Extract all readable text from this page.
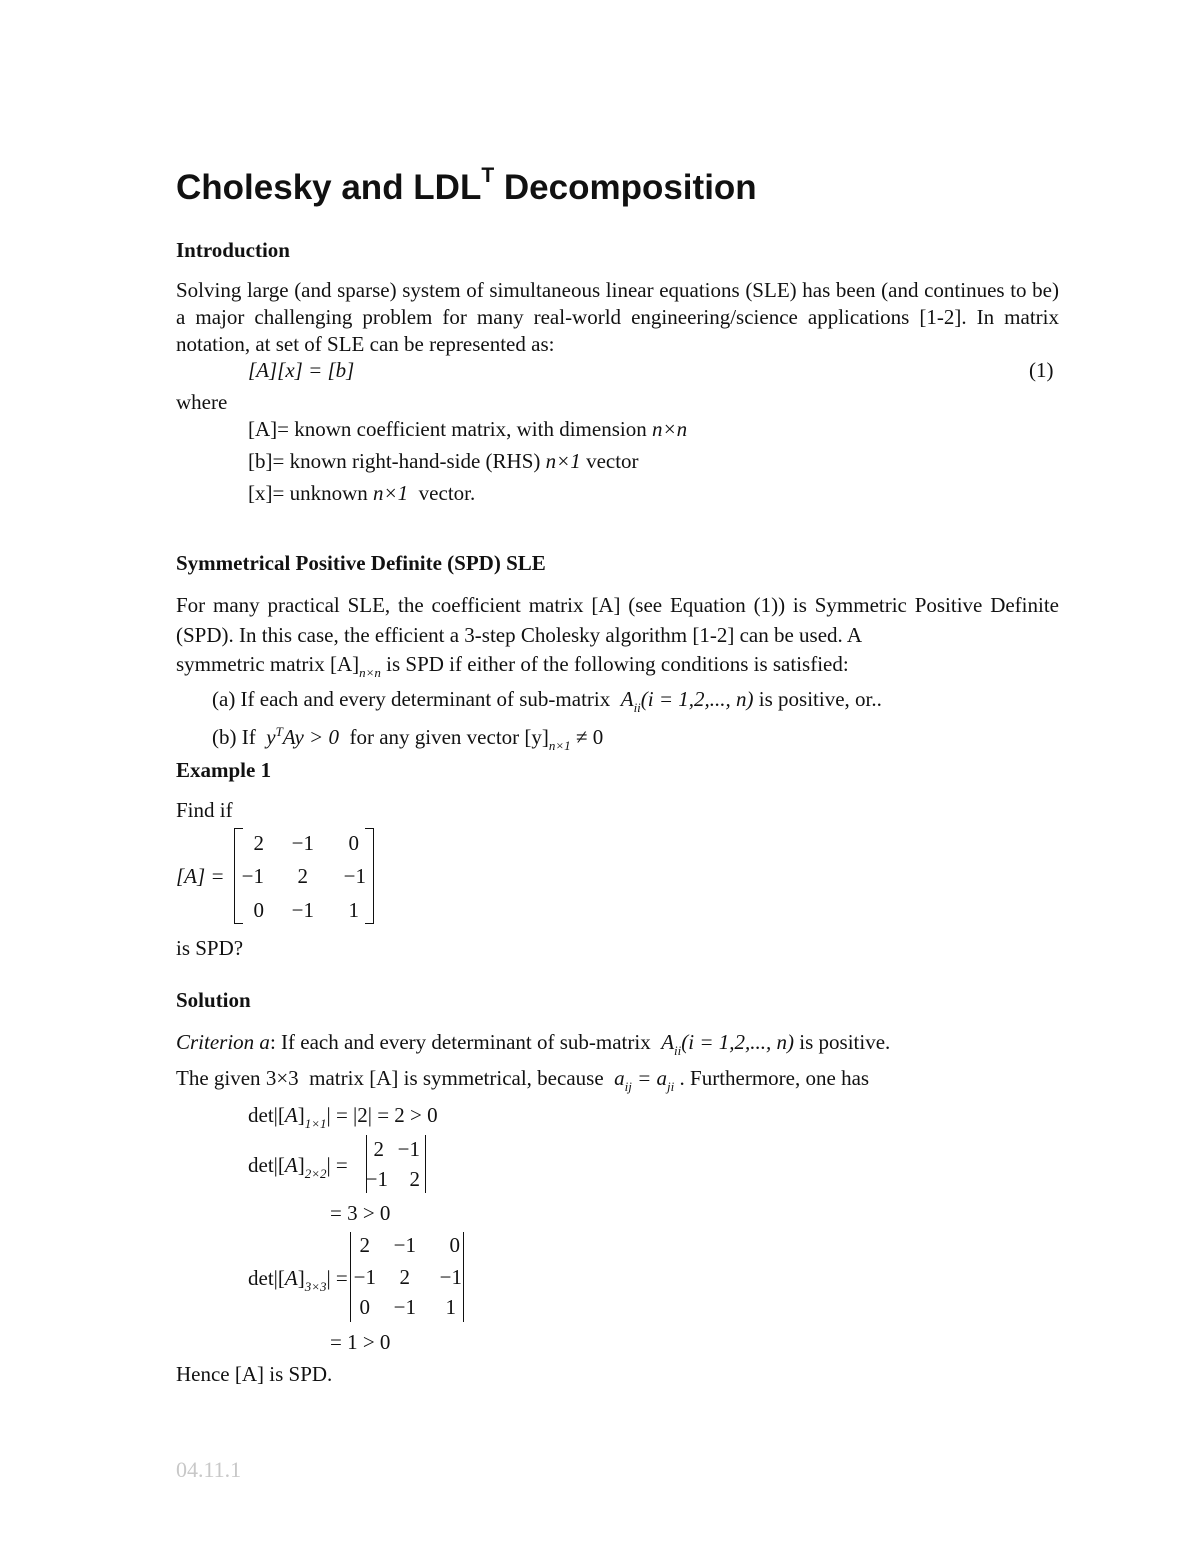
Cholesky and $LDL^T$ Decomposition
Introduction
Solving large (and sparse) system of simultaneous linear equations (SLE) has been (and continues to be) a major challenging problem for many real-world engineering/science applications [1-2]. In matrix notation, at set of SLE can be represented as:
[A][x] = [b]	(1)
where
[A]= known coefficient matrix, with dimension n×n
[b]= known right-hand-side (RHS) n×1 vector
[x]= unknown n×1 vector.
Symmetrical Positive Definite (SPD) SLE
For many practical SLE, the coefficient matrix [A] (see Equation (1)) is Symmetric Positive Definite (SPD). In this case, the efficient a 3-step Cholesky algorithm [1-2] can be used. A
symmetric matrix $[A]_{n\times n}$ is SPD if either of the following conditions is satisfied:
(a) If each and every determinant of sub-matrix $A_{ii}(i = 1,2$,..., n) is positive, or..
(b) If $y^TAy > 0$ for any given vector $[y]_{n\times 1} \ne 0$
Example 1
Find if
[A] =
2	−1	0
−1	2	−1
0	−1	1
is SPD?
Solution
Criterion a: If each and every determinant of sub-matrix $A_{ii}(i = 1,2$,..., n) is positive.
The given 3×3 matrix [A] is symmetrical, because $a_{ij} = a_{ji}$ . Furthermore, one has
$\det|[A]_{1\times 1}| = |2| = 2 > 0$
$\det|[A]_{2\times 2}|$ =
2 −1
−1	2
= 3 > 0
$\det|[A]_{3\times 3}|$ =
2	−1	0
−1	2	−1
0	−1	1
= 1 > 0
Hence [A] is SPD.
04.11.1
